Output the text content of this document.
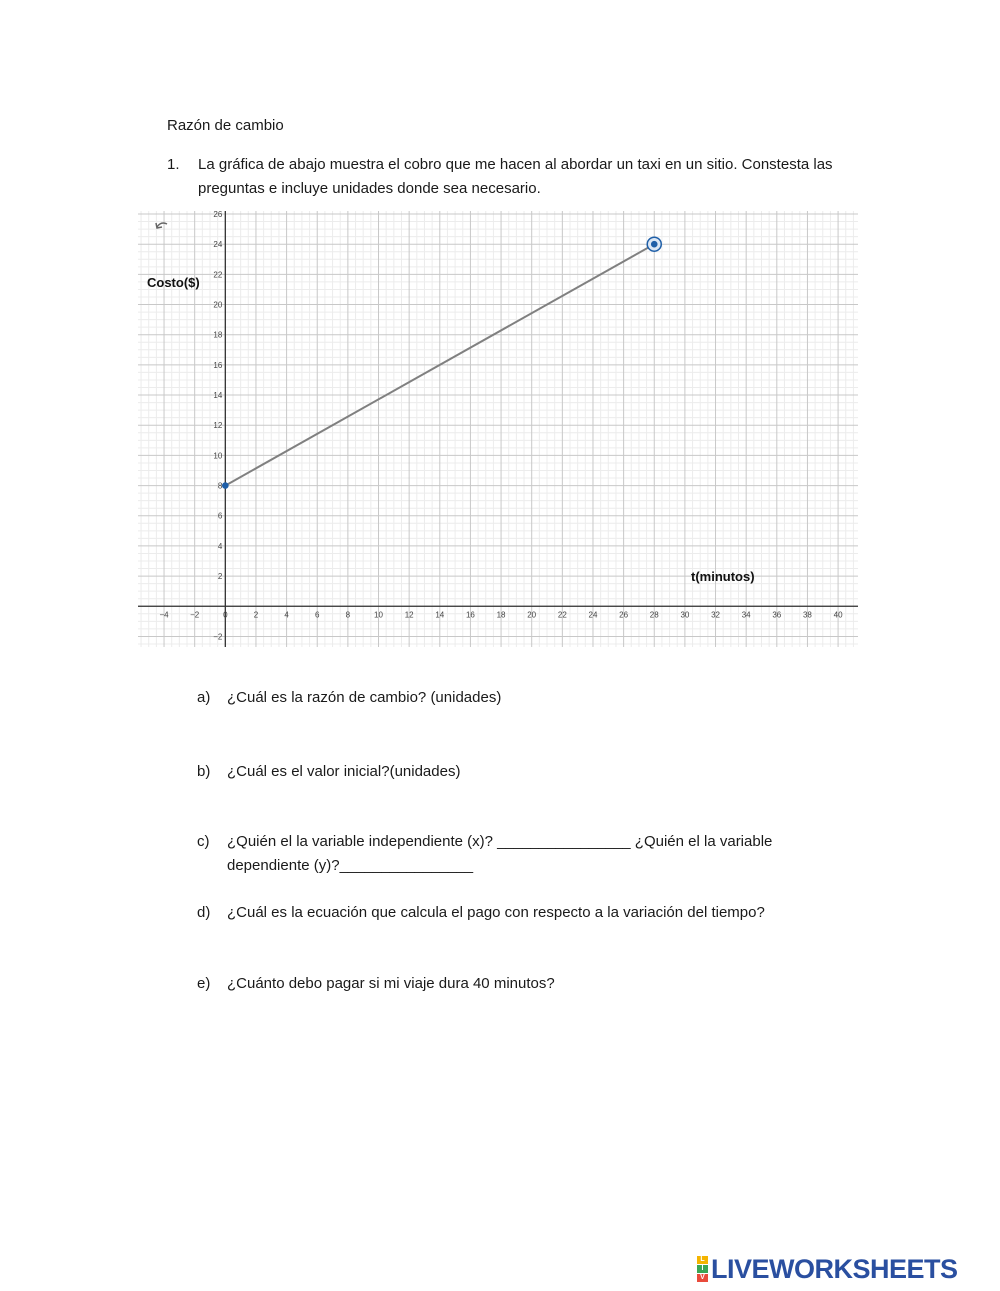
Razón de cambio
1. La gráfica de abajo muestra el cobro que me hacen al abordar un taxi en un sitio. Constesta las preguntas e incluye unidades donde sea necesario.
−4	−2	0	2	4	6	8	10	12	14	16	18	20	22	24	26	28	30	32	34	36	38	40
−2
2
4
6
8
10
12
14
16
18
20
22
24
26
Costo($)
t(minutos)
a) ¿Cuál es la razón de cambio? (unidades)
b) ¿Cuál es el valor inicial?(unidades)
c) ¿Quién el la variable independiente (x)? ________________ ¿Quién el la variable dependiente (y)?________________
d) ¿Cuál es la ecuación que calcula el pago con respecto a la variación del tiempo?
e) ¿Cuánto debo pagar si mi viaje dura 40 minutos?
L
I
V LIVEWORKSHEETS
